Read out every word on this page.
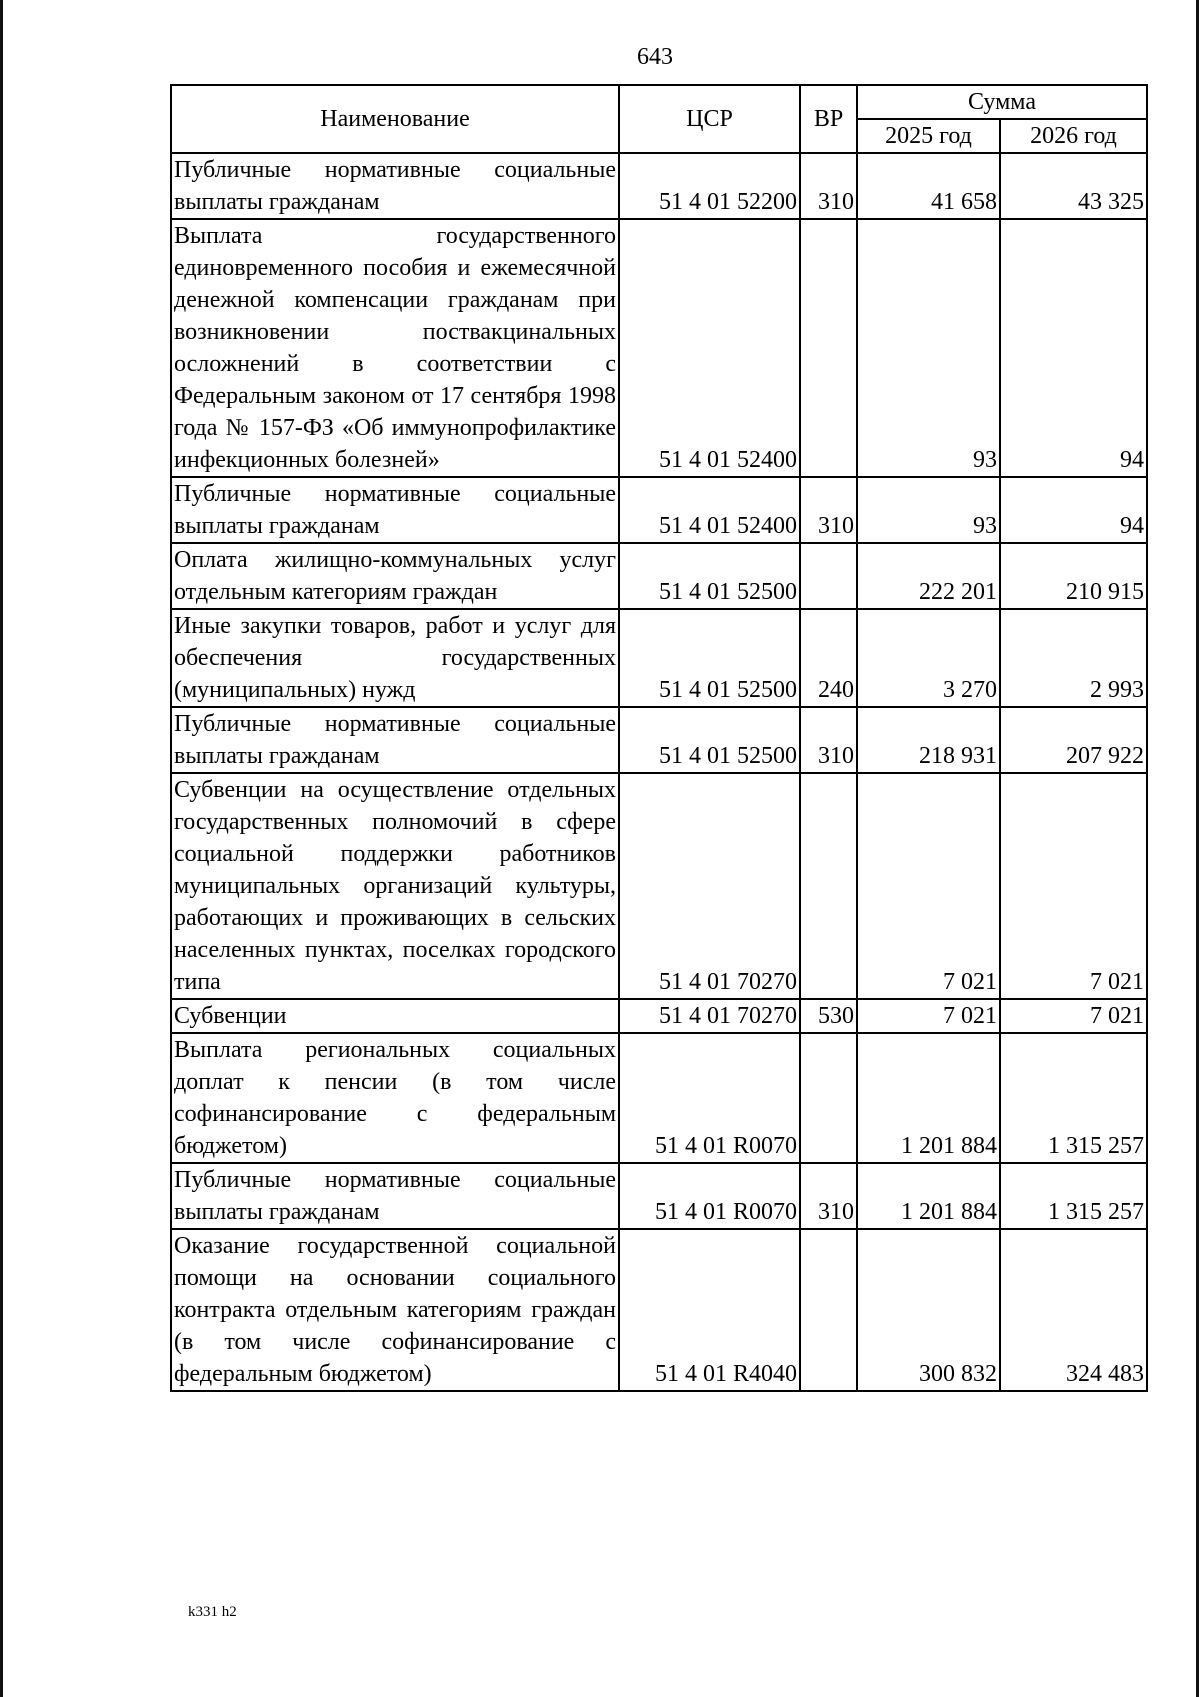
643
Наименование	ЦСР	ВР	Сумма	
			2025 год	2026 год
Публичные нормативные социальные выплаты гражданам	51 4 01 52200	310	41 658	43 325
Выплата государственного единовременного пособия и ежемесячной денежной компенсации гражданам при возникновении поствакцинальных осложнений в соответствии с Федеральным законом от 17 сентября 1998 года № 157-ФЗ «Об иммунопрофилактике инфекционных болезней»	51 4 01 52400		93	94
Публичные нормативные социальные выплаты гражданам	51 4 01 52400	310	93	94
Оплата жилищно-коммунальных услуг отдельным категориям граждан	51 4 01 52500		222 201	210 915
Иные закупки товаров, работ и услуг для обеспечения государственных (муниципальных) нужд	51 4 01 52500	240	3 270	2 993
Публичные нормативные социальные выплаты гражданам	51 4 01 52500	310	218 931	207 922
Субвенции на осуществление отдельных государственных полномочий в сфере социальной поддержки работников муниципальных организаций культуры, работающих и проживающих в сельских населенных пунктах, поселках городского типа	51 4 01 70270		7 021	7 021
Субвенции	51 4 01 70270	530	7 021	7 021
Выплата региональных социальных доплат к пенсии (в том числе софинансирование с федеральным бюджетом)	51 4 01 R0070		1 201 884	1 315 257
Публичные нормативные социальные выплаты гражданам	51 4 01 R0070	310	1 201 884	1 315 257
Оказание государственной социальной помощи на основании социального контракта отдельным категориям граждан (в том числе софинансирование с федеральным бюджетом)	51 4 01 R4040		300 832	324 483
k331 h2
